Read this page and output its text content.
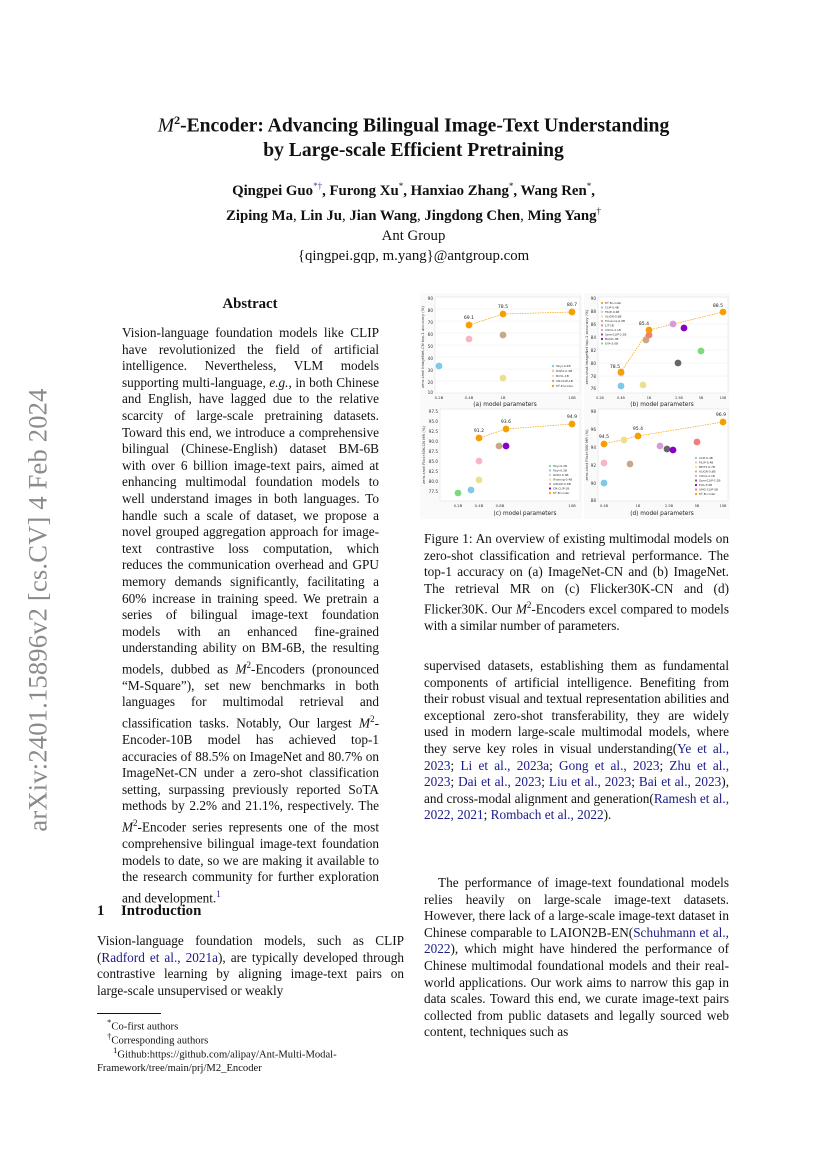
arXiv:2401.15896v2 [cs.CV] 4 Feb 2024
$M^2$-Encoder: Advancing Bilingual Image-Text Understanding
by Large-scale Efficient Pretraining
Qingpei Guo*†, Furong Xu*, Hanxiao Zhang*, Wang Ren*,
Ziping Ma, Lin Ju, Jian Wang, Jingdong Chen, Ming Yang†
Ant Group
{qingpei.gqp, m.yang}@antgroup.com
Abstract

Vision-language foundation models like CLIP have revolutionized the field of artificial intelligence. Nevertheless, VLM models supporting multi-language, e.g., in both Chinese and English, have lagged due to the relative scarcity of large-scale pretraining datasets. Toward this end, we introduce a comprehensive bilingual (Chinese-English) dataset BM-6B with over 6 billion image-text pairs, aimed at enhancing multimodal foundation models to well understand images in both languages. To handle such a scale of dataset, we propose a novel grouped aggregation approach for image-text contrastive loss computation, which reduces the communication overhead and GPU memory demands significantly, facilitating a 60% increase in training speed. We pretrain a series of bilingual image-text foundation models with an enhanced fine-grained understanding ability on BM-6B, the resulting models, dubbed as $M^2$-Encoders (pronounced “M-Square”), set new benchmarks in both languages for multimodal retrieval and classification tasks. Notably, Our largest $M^2-Encoder-10B$ model has achieved top-1 accuracies of 88.5% on ImageNet and 80.7% on ImageNet-CN under a zero-shot classification setting, surpassing previously reported SoTA methods by 2.2% and 21.1%, respectively. The $M^2$-Encoder series represents one of the most comprehensive bilingual image-text foundation models to date, so we are making it available to the research community for further exploration and development.$^1$

1 Introduction

Vision-language foundation models, such as CLIP (Radford et al., 2021a), are typically developed through contrastive learning by aligning image-text pairs on large-scale unsupervised or weakly

*Co-first authors
†Corresponding authors
$^1$Github:https://github.com/alipay/Ant-Multi-Modal-Framework/tree/main/prj/M2_Encoder
90
80
70
60
50
40
30
20
10
0.2B	0.4B	1B	10B
(a) model parameters
zero-shot ImageNet-CN top-1 accuracy (%)	69.1
78.5	80.7
Taiyi-0.2B
R2D2-0.4B
BriVL-1B
CN-CLIP-1B
M²-Encoder
90
88
86
84
82
80
78
76
0.2B	0.4B	1B	2.5B	5B	10B
(b) model parameters
zero-shot ImageNet top-1 accuracy (%)	78.5
85.4
88.5
M²-Encoder
CLIP-0.4B
FILIP-0.4B
ALIGN-0.8B
Florence-0.9B
LiT-1B
COCA-2.1B
OpenCLIP-2.5B
BASIC-3B
EVA-5.0B
97.5
95.0
92.5
90.0
87.5
85.0
82.5
80.0
77.5
0.2B	0.4B	0.8B	10B
(c) model parameters
zero-shot Flickr30K-CN MR (%)	91.2
93.6
94.9
Taiyi-0.2B
Taiyi-0.3B
R2D2-0.4B
Wukong-0.4B
AltCLIP-0.8B
CN-CLIP-1B
M²-Encoder
98
96
94
92
90
88
0.4B	1B	2.5B	5B	10B
(d) model parameters
zero-shot Flickr30K MR (%) 94.5
95.4
96.9
CLIP-0.4B
FILIP-0.4B
BEiT3-0.7B
ALIGN-0.8B
COCA-2.1B
OpenCLIP-2.5B
EVA-5.0B
UMG-CLIP-5B
M²-Encoder

Figure 1: An overview of existing multimodal models on zero-shot classification and retrieval performance. The top-1 accuracy on (a) ImageNet-CN and (b) ImageNet. The retrieval MR on (c) Flicker30K-CN and (d) Flicker30K. Our $M^2$-Encoders excel compared to models with a similar number of parameters.

supervised datasets, establishing them as fundamental components of artificial intelligence. Benefiting from their robust visual and textual representation abilities and exceptional zero-shot transferability, they are widely used in modern large-scale multimodal models, where they serve key roles in visual understanding(Ye et al., 2023; Li et al., 2023a; Gong et al., 2023; Zhu et al., 2023; Dai et al., 2023; Liu et al., 2023; Bai et al., 2023), and cross-modal alignment and generation(Ramesh et al., 2022, 2021; Rombach et al., 2022).

The performance of image-text foundational models relies heavily on large-scale image-text datasets. However, there lack of a large-scale image-text dataset in Chinese comparable to LAION2B-EN(Schuhmann et al., 2022), which might have hindered the performance of Chinese multimodal foundational models and their real-world applications. Our work aims to narrow this gap in data scales. Toward this end, we curate image-text pairs collected from public datasets and legally sourced web content, techniques such as
